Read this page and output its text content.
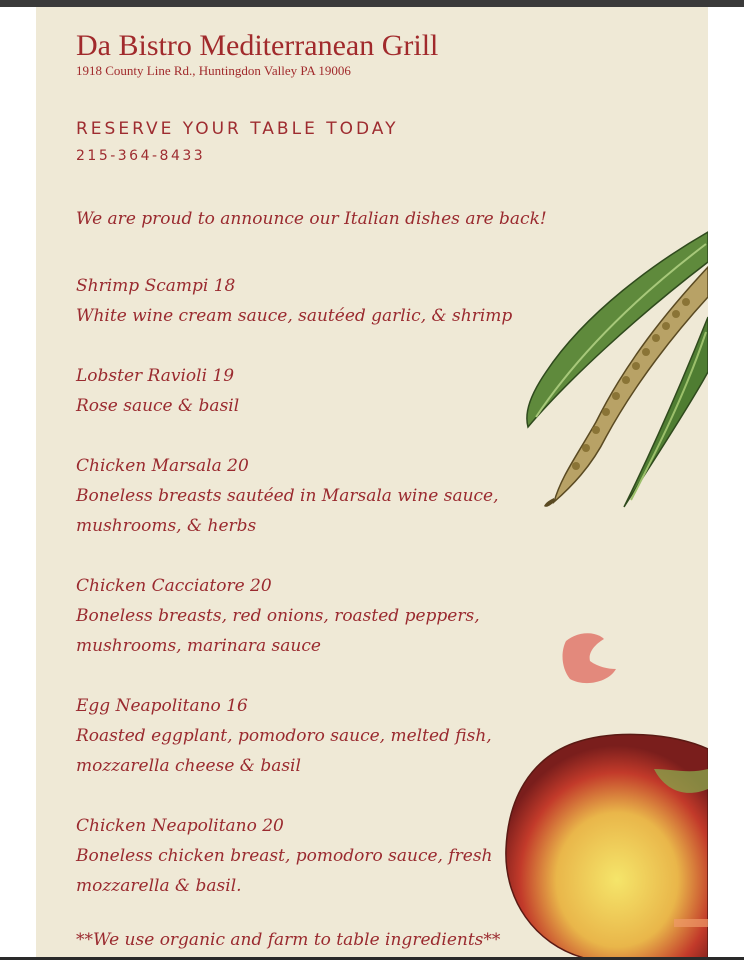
Da Bistro Mediterranean Grill
1918 County Line Rd., Huntingdon Valley PA 19006
RESERVE YOUR TABLE TODAY
215-364-8433
We are proud to announce our Italian dishes are back!
Shrimp Scampi 18
White wine cream sauce, sautéed garlic, & shrimp
Lobster Ravioli 19
Rose sauce & basil
Chicken Marsala 20
Boneless breasts sautéed in Marsala wine sauce,
mushrooms, & herbs
Chicken Cacciatore 20
Boneless breasts, red onions, roasted peppers,
mushrooms, marinara sauce
Egg Neapolitano 16
Roasted eggplant, pomodoro sauce, melted fish,
mozzarella cheese & basil
Chicken Neapolitano 20
Boneless chicken breast, pomodoro sauce, fresh
mozzarella & basil.
**We use organic and farm to table ingredients**
